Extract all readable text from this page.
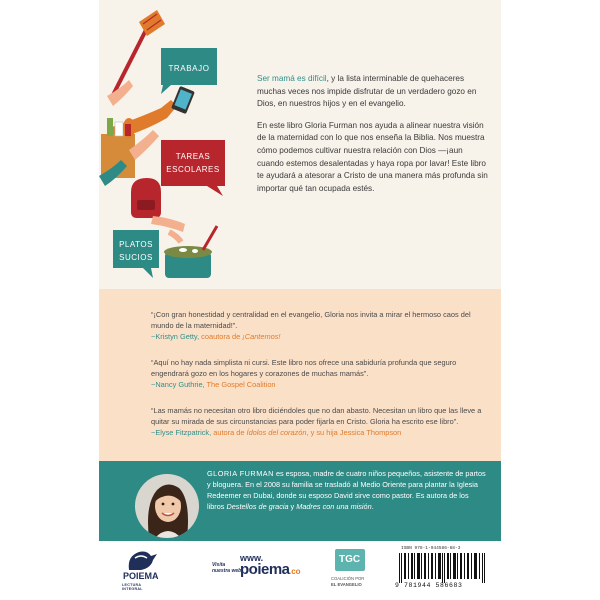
TRABAJO
TAREAS
ESCOLARES
PLATOS
SUCIOS

Ser mamá es difícil, y la lista interminable de quehaceres muchas veces nos impide disfrutar de un verdadero gozo en Dios, en nuestros hijos y en el evangelio.

En este libro Gloria Furman nos ayuda a alinear nuestra visión de la maternidad con lo que nos enseña la Biblia. Nos muestra cómo podemos cultivar nuestra relación con Dios —¡aun cuando estemos desalentadas y haya ropa por lavar! Este libro te ayudará a atesorar a Cristo de una manera más profunda sin importar qué tan ocupada estés.

“¡Con gran honestidad y centralidad en el evangelio, Gloria nos invita a mirar el hermoso caos del mundo de la maternidad!”.
~Kristyn Getty, coautora de ¡Cantemos!
“Aquí no hay nada simplista ni cursi. Este libro nos ofrece una sabiduría profunda que seguro engendrará gozo en los hogares y corazones de muchas mamás”.
~Nancy Guthrie, The Gospel Coalition
“Las mamás no necesitan otro libro diciéndoles que no dan abasto. Necesitan un libro que las lleve a quitar su mirada de sus circunstancias para poder fijarla en Cristo. Gloria ha escrito ese libro”.
~Elyse Fitzpatrick, autora de Ídolos del corazón, y su hija Jessica Thompson
GLORIA FURMAN es esposa, madre de cuatro niños pequeños, asistente de partos y bloguera. En el 2008 su familia se trasladó al Medio Oriente para plantar la Iglesia Redeemer en Dubai, donde su esposo David sirve como pastor. Es autora de los libros Destellos de gracia y Madres con una misión.
POIEMA
LECTURA INTEGRAL
Visita
nuestra web:
www.
poiema .co
TGC
COALICIÓN POR
EL EVANGELIO
ISBN 978-1-944586-68-3
9 781944 586683
